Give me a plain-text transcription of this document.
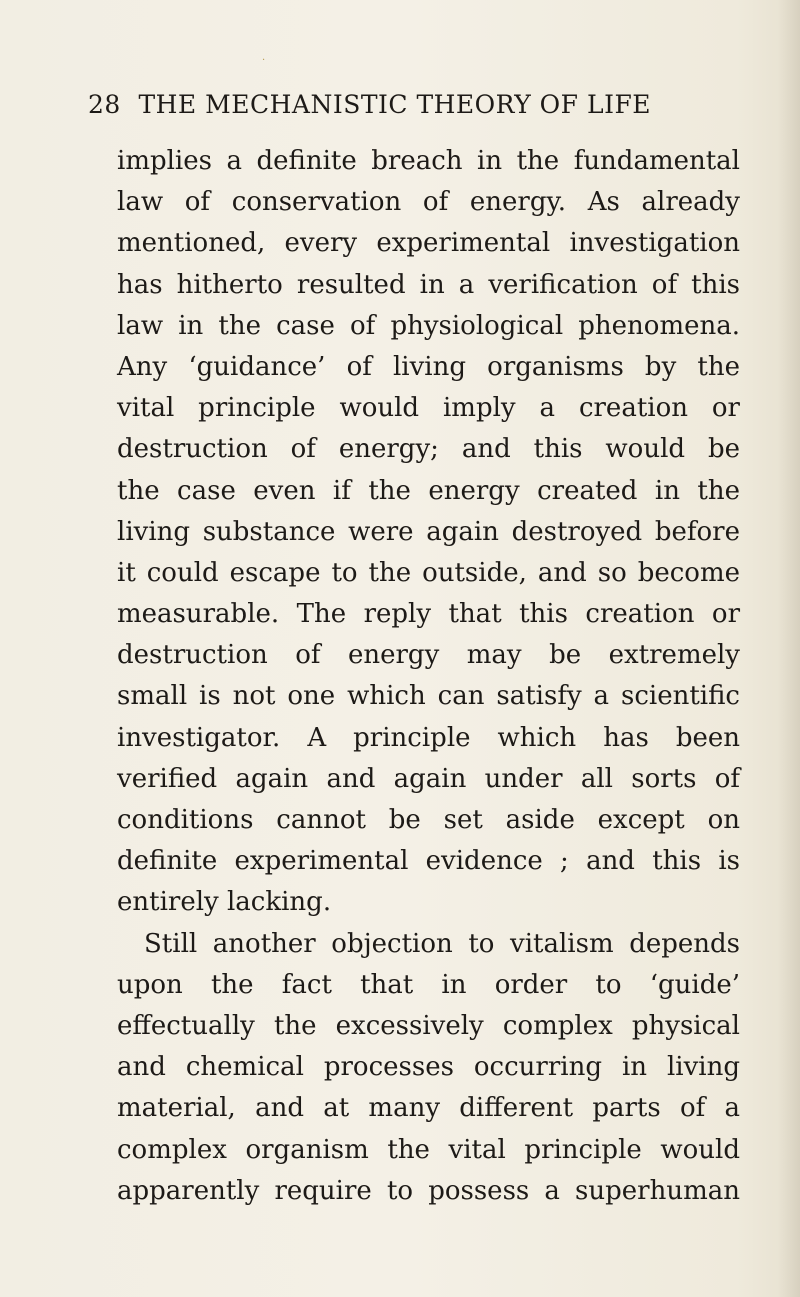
·
28 THE MECHANISTIC THEORY OF LIFE
implies a definite breach in the fundamental
law of conservation of energy. As already
mentioned, every experimental investigation
has hitherto resulted in a verification of this
law in the case of physiological phenomena.
Any ‘guidance’ of living organisms by the
vital principle would imply a creation or
destruction of energy; and this would be
the case even if the energy created in the
living substance were again destroyed before
it could escape to the outside, and so become
measurable. The reply that this creation or
destruction of energy may be extremely
small is not one which can satisfy a scientific
investigator. A principle which has been
verified again and again under all sorts of
conditions cannot be set aside except on
definite experimental evidence ; and this is
entirely lacking.
Still another objection to vitalism depends
upon the fact that in order to ‘guide’
effectually the excessively complex physical
and chemical processes occurring in living
material, and at many different parts of a
complex organism the vital principle would
apparently require to possess a superhuman
